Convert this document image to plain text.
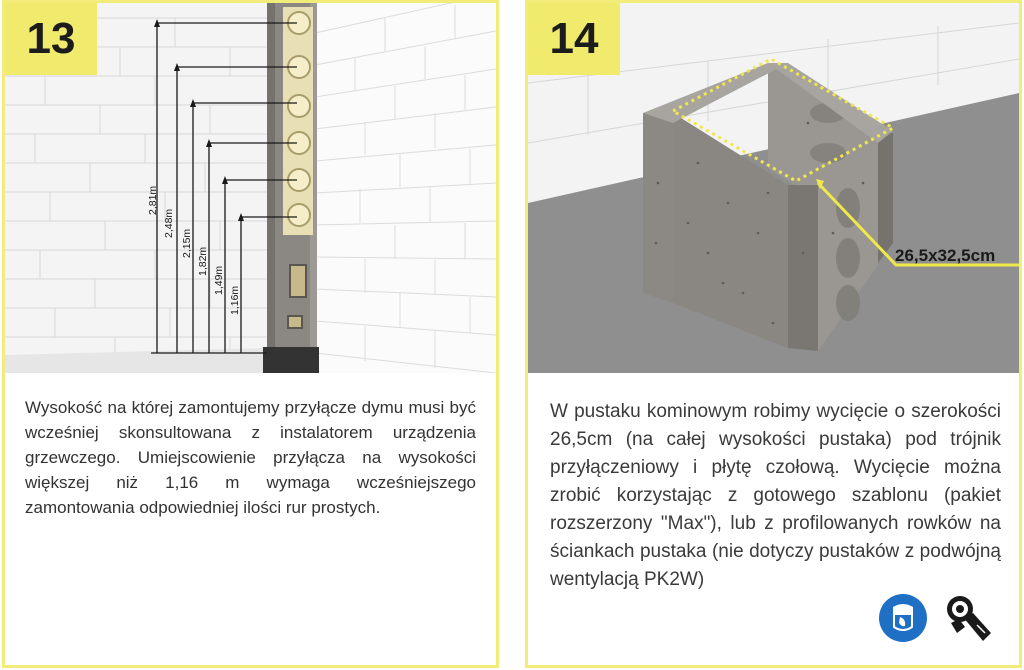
13
2,81m
2,48m
2,15m
1,82m
1,49m
1,16m
Wysokość na której zamontujemy przyłącze dymu musi być wcześniej skonsultowana z instalatorem urządzenia grzewczego. Umiejscowienie przyłącza na wysokości większej niż 1,16 m wymaga wcześniejszego zamontowania odpowiedniej ilości rur prostych.
14
26,5x32,5cm
W pustaku kominowym robimy wycięcie o szerokości 26,5cm (na całej wysokości pustaka) pod trójnik przyłączeniowy i płytę czołową. Wycięcie można zrobić korzystając z gotowego szablonu (pakiet rozszerzony "Max"), lub z profilowanych rowków na ściankach pustaka (nie dotyczy pustaków z podwójną wentylacją PK2W)
